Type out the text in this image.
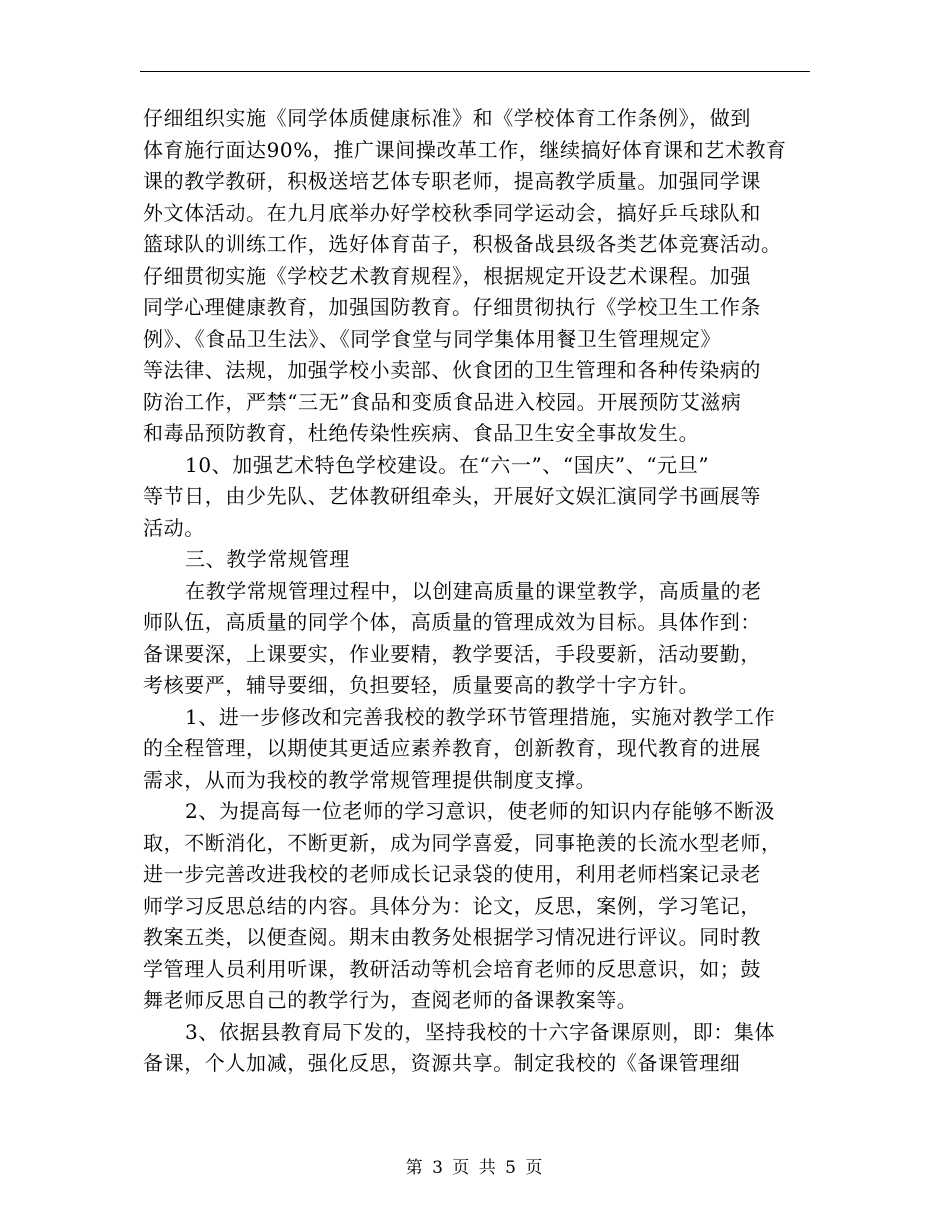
仔细组织实施《同学体质健康标准》和《学校体育工作条例》，做到
体育施行面达90%，推广课间操改革工作，继续搞好体育课和艺术教育
课的教学教研，积极送培艺体专职老师，提高教学质量。加强同学课
外文体活动。在九月底举办好学校秋季同学运动会，搞好乒乓球队和
篮球队的训练工作，选好体育苗子，积极备战县级各类艺体竞赛活动。
仔细贯彻实施《学校艺术教育规程》，根据规定开设艺术课程。加强
同学心理健康教育，加强国防教育。仔细贯彻执行《学校卫生工作条
例》、《食品卫生法》、《同学食堂与同学集体用餐卫生管理规定》
等法律、法规，加强学校小卖部、伙食团的卫生管理和各种传染病的
防治工作，严禁“三无”食品和变质食品进入校园。开展预防艾滋病
和毒品预防教育，杜绝传染性疾病、食品卫生安全事故发生。
10、加强艺术特色学校建设。在“六一”、“国庆”、“元旦”
等节日，由少先队、艺体教研组牵头，开展好文娱汇演同学书画展等
活动。
三、教学常规管理
在教学常规管理过程中，以创建高质量的课堂教学，高质量的老
师队伍，高质量的同学个体，高质量的管理成效为目标。具体作到：
备课要深，上课要实，作业要精，教学要活，手段要新，活动要勤，
考核要严，辅导要细，负担要轻，质量要高的教学十字方针。
1、进一步修改和完善我校的教学环节管理措施，实施对教学工作
的全程管理，以期使其更适应素养教育，创新教育，现代教育的进展
需求，从而为我校的教学常规管理提供制度支撑。
2、为提高每一位老师的学习意识，使老师的知识内存能够不断汲
取，不断消化，不断更新，成为同学喜爱，同事艳羡的长流水型老师，
进一步完善改进我校的老师成长记录袋的使用，利用老师档案记录老
师学习反思总结的内容。具体分为：论文，反思，案例，学习笔记，
教案五类，以便查阅。期末由教务处根据学习情况进行评议。同时教
学管理人员利用听课，教研活动等机会培育老师的反思意识，如；鼓
舞老师反思自己的教学行为，查阅老师的备课教案等。
3、依据县教育局下发的，坚持我校的十六字备课原则，即：集体
备课，个人加减，强化反思，资源共享。制定我校的《备课管理细
第 3 页 共 5 页
